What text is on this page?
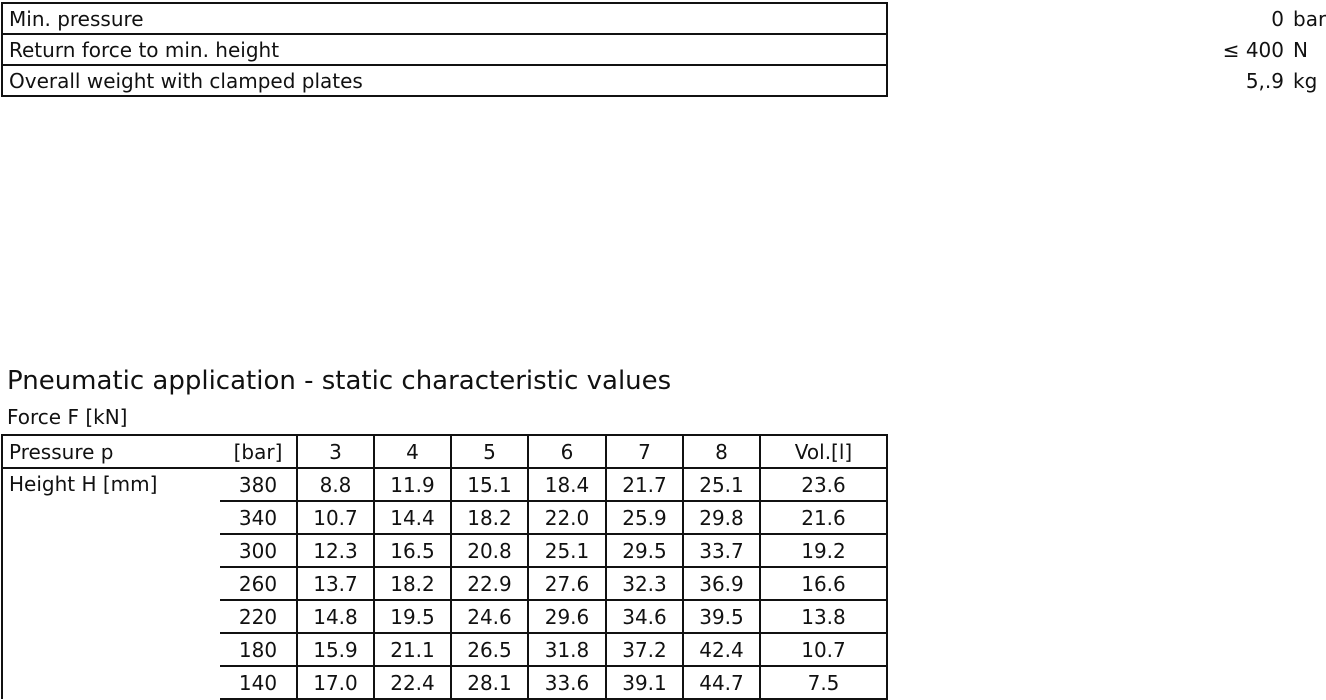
Min. pressure	0 bar
Return force to min. height	≤ 400 N
Overall weight with clamped plates	5,.9 kg
Pneumatic application - static characteristic values
Force F [kN]
Pressure p	[bar]	3	4	5	6	7	8	Vol.[l]
Height H [mm]	380	8.8	11.9	15.1	18.4	21.7	25.1	23.6
	340	10.7	14.4	18.2	22.0	25.9	29.8	21.6
	300	12.3	16.5	20.8	25.1	29.5	33.7	19.2
	260	13.7	18.2	22.9	27.6	32.3	36.9	16.6
	220	14.8	19.5	24.6	29.6	34.6	39.5	13.8
	180	15.9	21.1	26.5	31.8	37.2	42.4	10.7
	140	17.0	22.4	28.1	33.6	39.1	44.7	7.5
